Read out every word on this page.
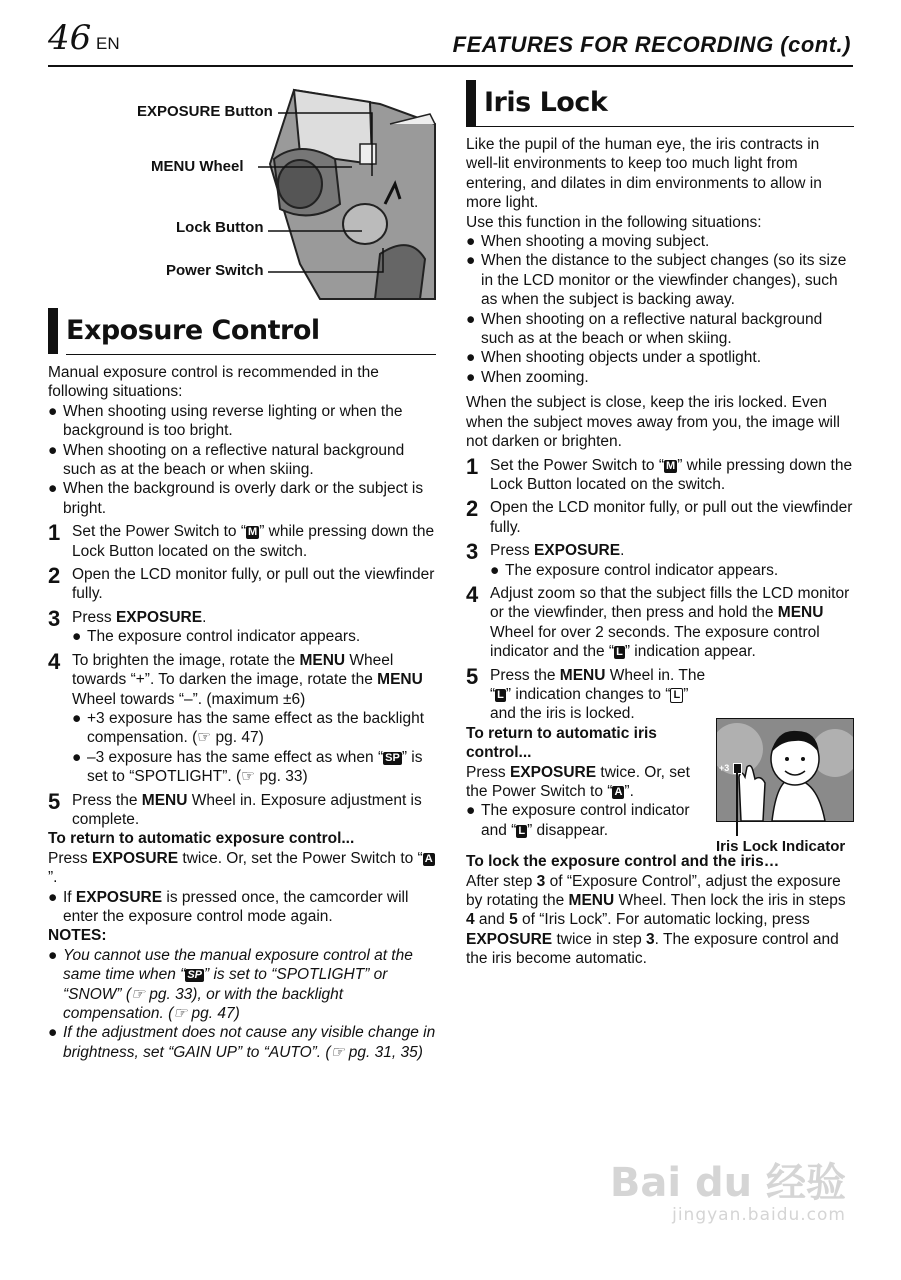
46 EN	FEATURES FOR RECORDING (cont.)
EXPOSURE Button
MENU Wheel
Lock Button
Power Switch
Exposure Control

Manual exposure control is recommended in the following situations:

● When shooting using reverse lighting or when the background is too bright.
● When shooting on a reflective natural background such as at the beach or when skiing.
● When the background is overly dark or the subject is bright.
1 Set the Power Switch to “ M ” while pressing down the Lock Button located on the switch.
2 Open the LCD monitor fully, or pull out the viewfinder fully.
3 Press EXPOSURE.
● The exposure control indicator appears.
4 To brighten the image, rotate the MENU Wheel towards “+”. To darken the image, rotate the MENU Wheel towards “–”. (maximum ±6)
● +3 exposure has the same effect as the backlight compensation. (☞ pg. 47)
● –3 exposure has the same effect as when “ SP ” is set to “SPOTLIGHT”. (☞ pg. 33)
5 Press the MENU Wheel in. Exposure adjustment is complete.

To return to automatic exposure control...

Press EXPOSURE twice. Or, set the Power Switch to “ A”.

● If EXPOSURE is pressed once, the camcorder will enter the exposure control mode again.

NOTES:

● You cannot use the manual exposure control at the same time when “ SP ” is set to “SPOTLIGHT” or “SNOW” (☞ pg. 33), or with the backlight compensation. (☞ pg. 47)
● If the adjustment does not cause any visible change in brightness, set “GAIN UP” to “AUTO”. (☞ pg. 31, 35)
Iris Lock

Like the pupil of the human eye, the iris contracts in well-lit environments to keep too much light from entering, and dilates in dim environments to allow in more light.

Use this function in the following situations:

● When shooting a moving subject.
● When the distance to the subject changes (so its size in the LCD monitor or the viewfinder changes), such as when the subject is backing away.
● When shooting on a reflective natural background such as at the beach or when skiing.
● When shooting objects under a spotlight.
● When zooming.

When the subject is close, keep the iris locked. Even when the subject moves away from you, the image will not darken or brighten.

1 Set the Power Switch to “ M ” while pressing down the Lock Button located on the switch.
2 Open the LCD monitor fully, or pull out the viewfinder fully.
3 Press EXPOSURE.
● The exposure control indicator appears.
4 Adjust zoom so that the subject fills the LCD monitor or the viewfinder, then press and hold the MENU Wheel for over 2 seconds. The exposure control indicator and the “ L ” indication appear.
5 Press the MENU Wheel in. The “ L ” indication changes to “ L ” and the iris is locked.

To return to automatic iris control...

Press EXPOSURE twice. Or, set the Power Switch to “ A ”.

● The exposure control indicator and “ L ” disappear.

To lock the exposure control and the iris…

After step 3 of “Exposure Control”, adjust the exposure by rotating the MENU Wheel. Then lock the iris in steps 4 and 5 of “Iris Lock”. For automatic locking, press EXPOSURE twice in step 3. The exposure control and the iris become automatic.

+3
Iris Lock Indicator
Bai du 经验
jingyan.baidu.com
